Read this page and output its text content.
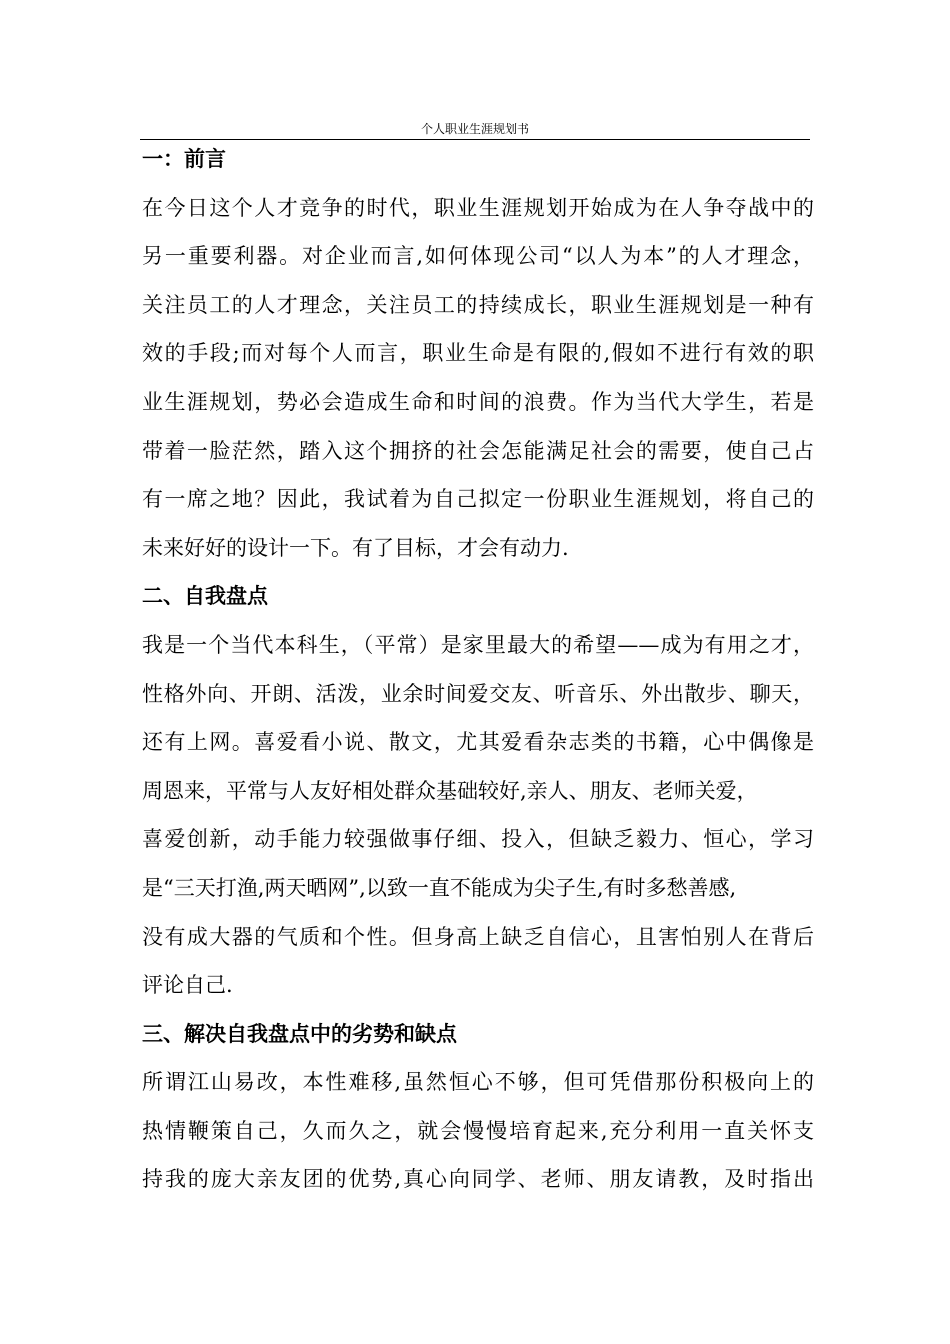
个人职业生涯规划书
一：前言
在今日这个人才竞争的时代，职业生涯规划开始成为在人争夺战中的
另一重要利器。对企业而言,如何体现公司“以人为本”的人才理念，
关注员工的人才理念，关注员工的持续成长，职业生涯规划是一种有
效的手段;而对每个人而言，职业生命是有限的,假如不进行有效的职
业生涯规划，势必会造成生命和时间的浪费。作为当代大学生，若是
带着一脸茫然，踏入这个拥挤的社会怎能满足社会的需要，使自己占
有一席之地？因此，我试着为自己拟定一份职业生涯规划，将自己的
未来好好的设计一下。有了目标，才会有动力.
二、自我盘点
我是一个当代本科生，（平常）是家里最大的希望——成为有用之才，
性格外向、开朗、活泼，业余时间爱交友、听音乐、外出散步、聊天，
还有上网。喜爱看小说、散文，尤其爱看杂志类的书籍，心中偶像是
周恩来，平常与人友好相处群众基础较好,亲人、朋友、老师关爱，
喜爱创新，动手能力较强做事仔细、投入，但缺乏毅力、恒心，学习
是“三天打渔,两天晒网”,以致一直不能成为尖子生,有时多愁善感,
没有成大器的气质和个性。但身高上缺乏自信心，且害怕别人在背后
评论自己.
三、解决自我盘点中的劣势和缺点
所谓江山易改，本性难移,虽然恒心不够，但可凭借那份积极向上的
热情鞭策自己，久而久之，就会慢慢培育起来,充分利用一直关怀支
持我的庞大亲友团的优势,真心向同学、老师、朋友请教，及时指出
